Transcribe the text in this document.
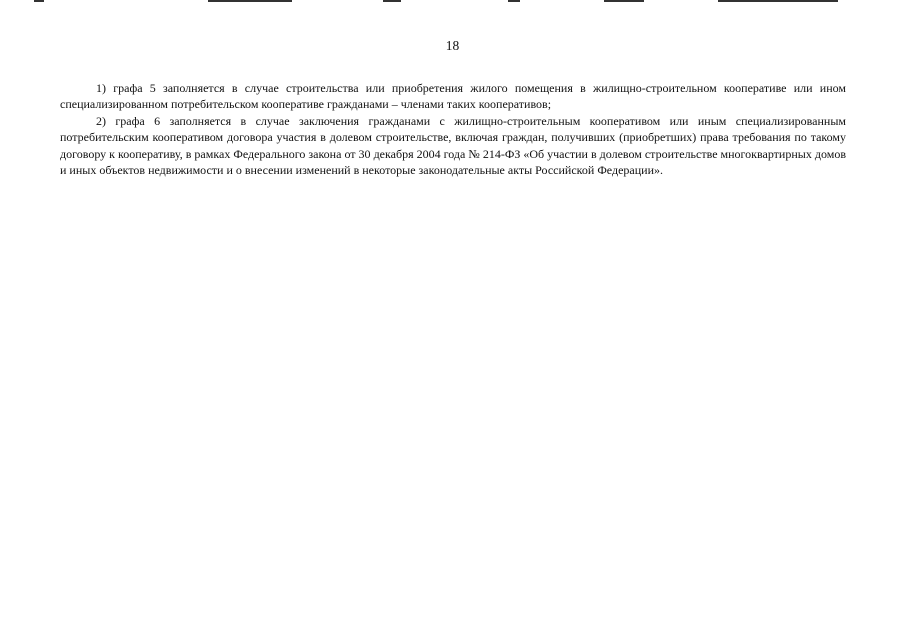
18

1) графа 5 заполняется в случае строительства или приобретения жилого помещения в жилищно-строительном кооперативе или ином специализированном потребительском кооперативе гражданами – членами таких кооперативов;

2) графа 6 заполняется в случае заключения гражданами с жилищно-строительным кооперативом или иным специализированным потребительским кооперативом договора участия в долевом строительстве, включая граждан, получивших (приобретших) права требования по такому договору к кооперативу, в рамках Федерального закона от 30 декабря 2004 года № 214-ФЗ «Об участии в долевом строительстве многоквартирных домов и иных объектов недвижимости и о внесении изменений в некоторые законодательные акты Российской Федерации».
